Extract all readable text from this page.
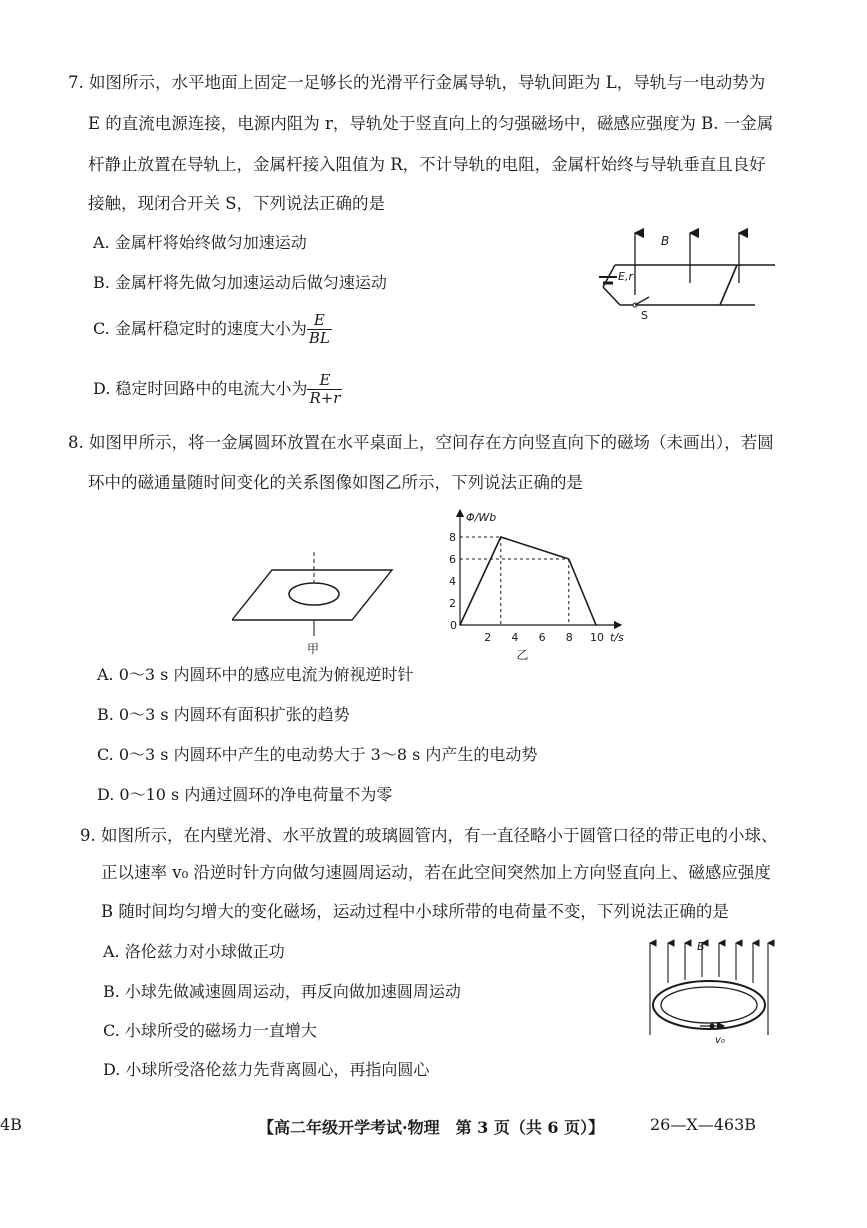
7. 如图所示，水平地面上固定一足够长的光滑平行金属导轨，导轨间距为 L，导轨与一电动势为
E 的直流电源连接，电源内阻为 r，导轨处于竖直向上的匀强磁场中，磁感应强度为 B. 一金属
杆静止放置在导轨上，金属杆接入阻值为 R，不计导轨的电阻，金属杆始终与导轨垂直且良好
接触，现闭合开关 S，下列说法正确的是
A. 金属杆将始终做匀加速运动
B. 金属杆将先做匀加速运动后做匀速运动
C. 金属杆稳定时的速度大小为 $\frac{E}{BL}$
D. 稳定时回路中的电流大小为 $\frac{E}{R+r}$
B
E,r
S
8. 如图甲所示，将一金属圆环放置在水平桌面上，空间存在方向竖直向下的磁场（未画出），若圆
环中的磁通量随时间变化的关系图像如图乙所示，下列说法正确的是
甲
Φ/Wb
t/s
0
2 4 6 8 10
2
4
6
8
乙
A. 0～3 s 内圆环中的感应电流为俯视逆时针
B. 0～3 s 内圆环有面积扩张的趋势
C. 0～3 s 内圆环中产生的电动势大于 3～8 s 内产生的电动势
D. 0～10 s 内通过圆环的净电荷量不为零
9. 如图所示，在内壁光滑、水平放置的玻璃圆管内，有一直径略小于圆管口径的带正电的小球、
正以速率 v₀ 沿逆时针方向做匀速圆周运动，若在此空间突然加上方向竖直向上、磁感应强度
B 随时间均匀增大的变化磁场，运动过程中小球所带的电荷量不变，下列说法正确的是
A. 洛伦兹力对小球做正功
B. 小球先做减速圆周运动，再反向做加速圆周运动
C. 小球所受的磁场力一直增大
D. 小球所受洛伦兹力先背离圆心，再指向圆心
B
v₀
4B	【高二年级开学考试·物理　第 3 页（共 6 页）】	26—X—463B
